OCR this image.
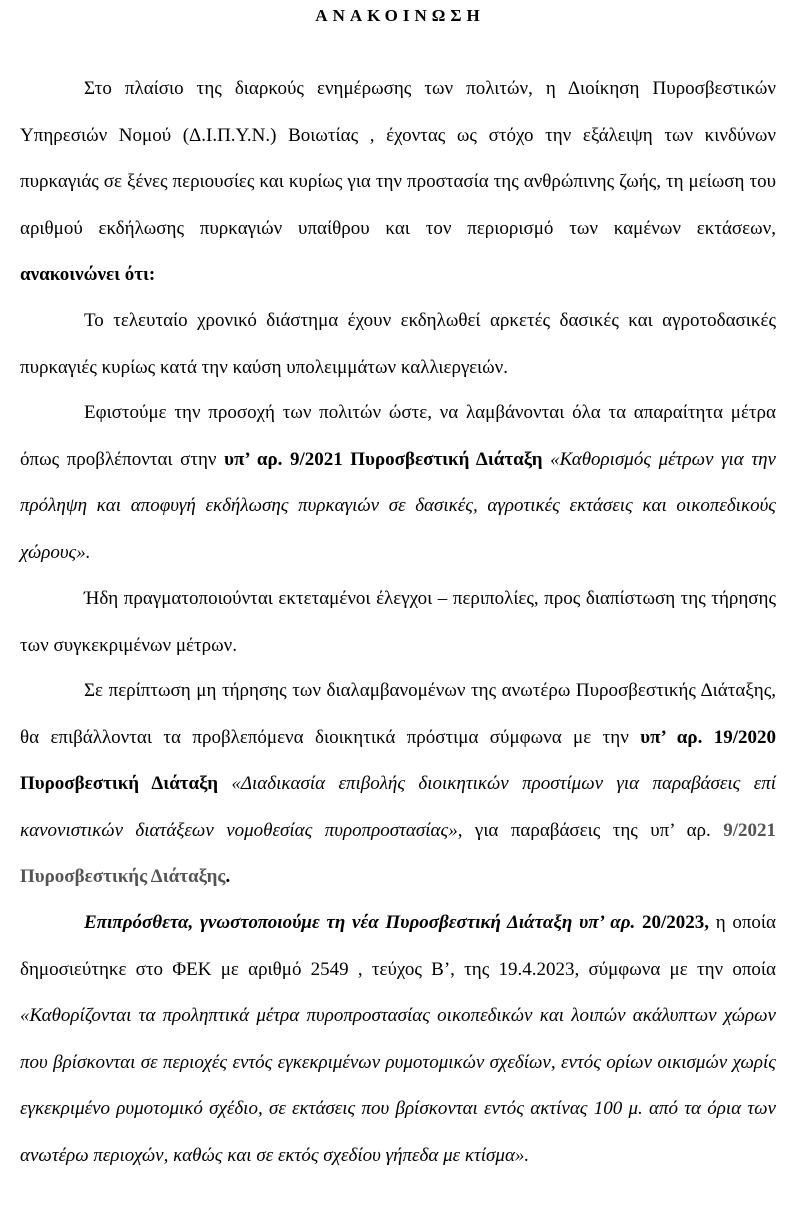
ΑΝΑΚΟΙΝΩΣΗ

Στο πλαίσιο της διαρκούς ενημέρωσης των πολιτών, η Διοίκηση Πυροσβεστικών Υπηρεσιών Νομού (Δ.Ι.Π.Υ.Ν.) Βοιωτίας , έχοντας ως στόχο την εξάλειψη των κινδύνων πυρκαγιάς σε ξένες περιουσίες και κυρίως για την προστασία της ανθρώπινης ζωής, τη μείωση του αριθμού εκδήλωσης πυρκαγιών υπαίθρου και τον περιορισμό των καμένων εκτάσεων, ανακοινώνει ότι:

Το τελευταίο χρονικό διάστημα έχουν εκδηλωθεί αρκετές δασικές και αγροτοδασικές πυρκαγιές κυρίως κατά την καύση υπολειμμάτων καλλιεργειών.

Εφιστούμε την προσοχή των πολιτών ώστε, να λαμβάνονται όλα τα απαραίτητα μέτρα όπως προβλέπονται στην υπ’ αρ. 9/2021 Πυροσβεστική Διάταξη «Καθορισμός μέτρων για την πρόληψη και αποφυγή εκδήλωσης πυρκαγιών σε δασικές, αγροτικές εκτάσεις και οικοπεδικούς χώρους».

Ήδη πραγματοποιούνται εκτεταμένοι έλεγχοι – περιπολίες, προς διαπίστωση της τήρησης των συγκεκριμένων μέτρων.

Σε περίπτωση μη τήρησης των διαλαμβανομένων της ανωτέρω Πυροσβεστικής Διάταξης, θα επιβάλλονται τα προβλεπόμενα διοικητικά πρόστιμα σύμφωνα με την υπ’ αρ. 19/2020 Πυροσβεστική Διάταξη «Διαδικασία επιβολής διοικητικών προστίμων για παραβάσεις επί κανονιστικών διατάξεων νομοθεσίας πυροπροστασίας», για παραβάσεις της υπ’ αρ. 9/2021 Πυροσβεστικής Διάταξης.

Επιπρόσθετα, γνωστοποιούμε τη νέα Πυροσβεστική Διάταξη υπ’ αρ. 20/2023, η οποία δημοσιεύτηκε στο ΦΕΚ με αριθμό 2549 , τεύχος Β’, της 19.4.2023, σύμφωνα με την οποία «Καθορίζονται τα προληπτικά μέτρα πυροπροστασίας οικοπεδικών και λοιπών ακάλυπτων χώρων που βρίσκονται σε περιοχές εντός εγκεκριμένων ρυμοτομικών σχεδίων, εντός ορίων οικισμών χωρίς εγκεκριμένο ρυμοτομικό σχέδιο, σε εκτάσεις που βρίσκονται εντός ακτίνας 100 μ. από τα όρια των ανωτέρω περιοχών, καθώς και σε εκτός σχεδίου γήπεδα με κτίσμα».
